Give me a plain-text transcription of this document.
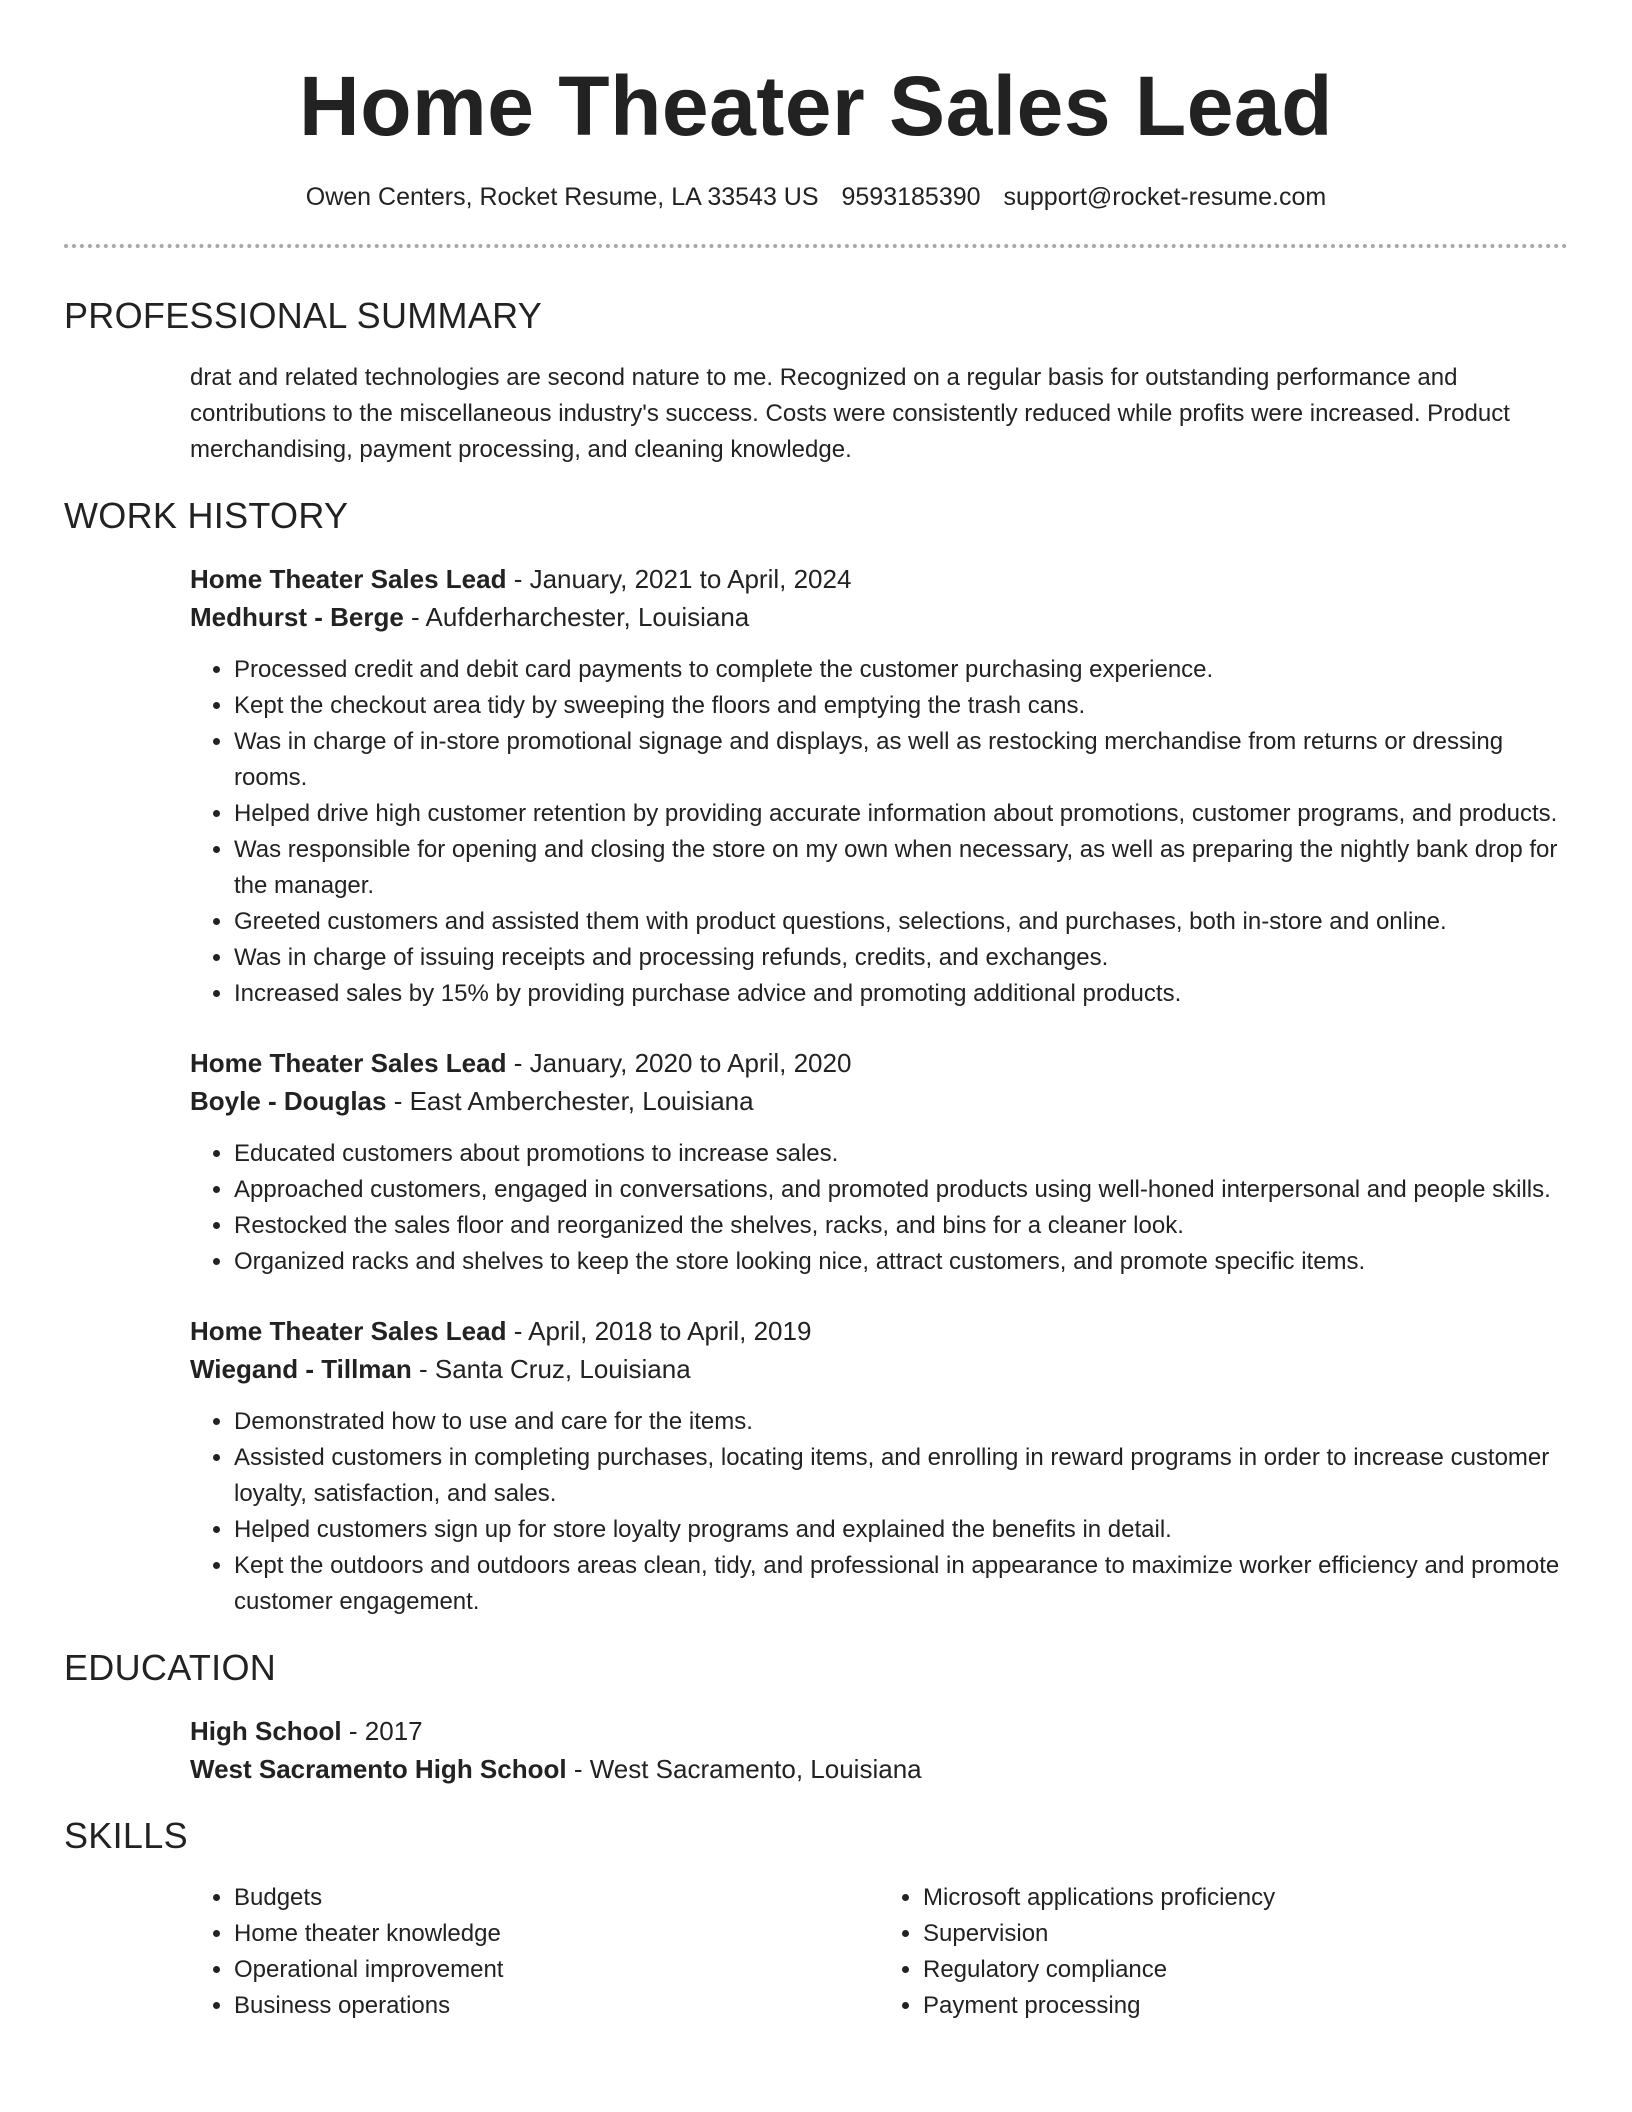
Home Theater Sales Lead
Owen Centers, Rocket Resume, LA 33543 US 9593185390 support@rocket-resume.com
PROFESSIONAL SUMMARY

drat and related technologies are second nature to me. Recognized on a regular basis for outstanding performance and contributions to the miscellaneous industry's success. Costs were consistently reduced while profits were increased. Product merchandising, payment processing, and cleaning knowledge.

WORK HISTORY
Home Theater Sales Lead - January, 2021 to April, 2024
Medhurst - Berge - Aufderharchester, Louisiana
• Processed credit and debit card payments to complete the customer purchasing experience.
• Kept the checkout area tidy by sweeping the floors and emptying the trash cans.
• Was in charge of in-store promotional signage and displays, as well as restocking merchandise from returns or dressing rooms.
• Helped drive high customer retention by providing accurate information about promotions, customer programs, and products.
• Was responsible for opening and closing the store on my own when necessary, as well as preparing the nightly bank drop for the manager.
• Greeted customers and assisted them with product questions, selections, and purchases, both in-store and online.
• Was in charge of issuing receipts and processing refunds, credits, and exchanges.
• Increased sales by 15% by providing purchase advice and promoting additional products.
Home Theater Sales Lead - January, 2020 to April, 2020
Boyle - Douglas - East Amberchester, Louisiana
• Educated customers about promotions to increase sales.
• Approached customers, engaged in conversations, and promoted products using well-honed interpersonal and people skills.
• Restocked the sales floor and reorganized the shelves, racks, and bins for a cleaner look.
• Organized racks and shelves to keep the store looking nice, attract customers, and promote specific items.
Home Theater Sales Lead - April, 2018 to April, 2019
Wiegand - Tillman - Santa Cruz, Louisiana
• Demonstrated how to use and care for the items.
• Assisted customers in completing purchases, locating items, and enrolling in reward programs in order to increase customer loyalty, satisfaction, and sales.
• Helped customers sign up for store loyalty programs and explained the benefits in detail.
• Kept the outdoors and outdoors areas clean, tidy, and professional in appearance to maximize worker efficiency and promote customer engagement.
EDUCATION
High School - 2017
West Sacramento High School - West Sacramento, Louisiana
SKILLS
• Budgets
• Home theater knowledge
• Operational improvement
• Business operations
• Microsoft applications proficiency
• Supervision
• Regulatory compliance
• Payment processing
